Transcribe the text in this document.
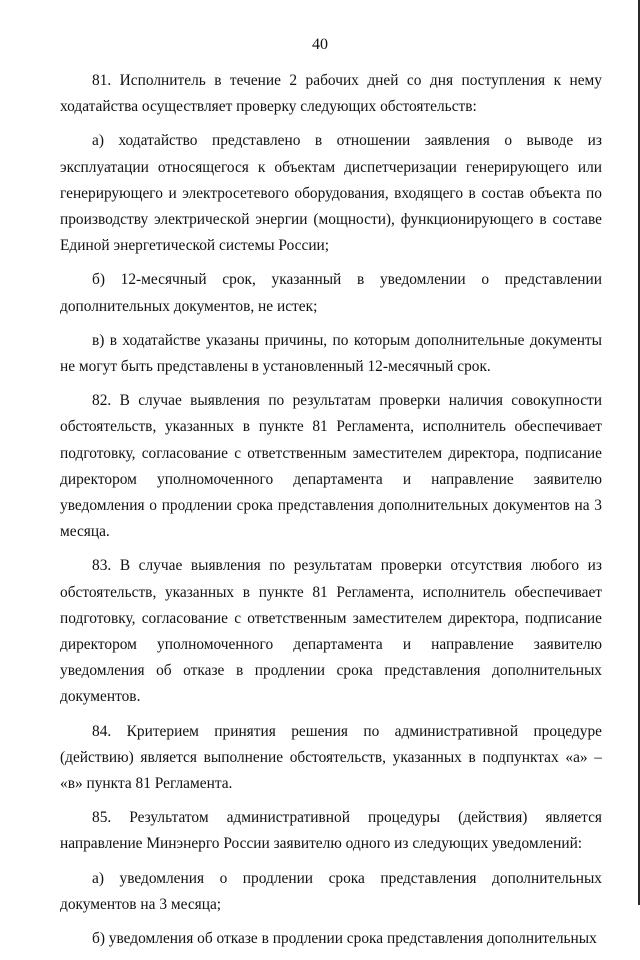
40

81. Исполнитель в течение 2 рабочих дней со дня поступления к нему ходатайства осуществляет проверку следующих обстоятельств:

а) ходатайство представлено в отношении заявления о выводе из эксплуатации относящегося к объектам диспетчеризации генерирующего или генерирующего и электросетевого оборудования, входящего в состав объекта по производству электрической энергии (мощности), функционирующего в составе Единой энергетической системы России;

б) 12-месячный срок, указанный в уведомлении о представлении дополнительных документов, не истек;

в) в ходатайстве указаны причины, по которым дополнительные документы не могут быть представлены в установленный 12-месячный срок.

82. В случае выявления по результатам проверки наличия совокупности обстоятельств, указанных в пункте 81 Регламента, исполнитель обеспечивает подготовку, согласование с ответственным заместителем директора, подписание директором уполномоченного департамента и направление заявителю уведомления о продлении срока представления дополнительных документов на 3 месяца.

83. В случае выявления по результатам проверки отсутствия любого из обстоятельств, указанных в пункте 81 Регламента, исполнитель обеспечивает подготовку, согласование с ответственным заместителем директора, подписание директором уполномоченного департамента и направление заявителю уведомления об отказе в продлении срока представления дополнительных документов.

84. Критерием принятия решения по административной процедуре (действию) является выполнение обстоятельств, указанных в подпунктах «а» – «в» пункта 81 Регламента.

85. Результатом административной процедуры (действия) является направление Минэнерго России заявителю одного из следующих уведомлений:

а) уведомления о продлении срока представления дополнительных документов на 3 месяца;

б) уведомления об отказе в продлении срока представления дополнительных
